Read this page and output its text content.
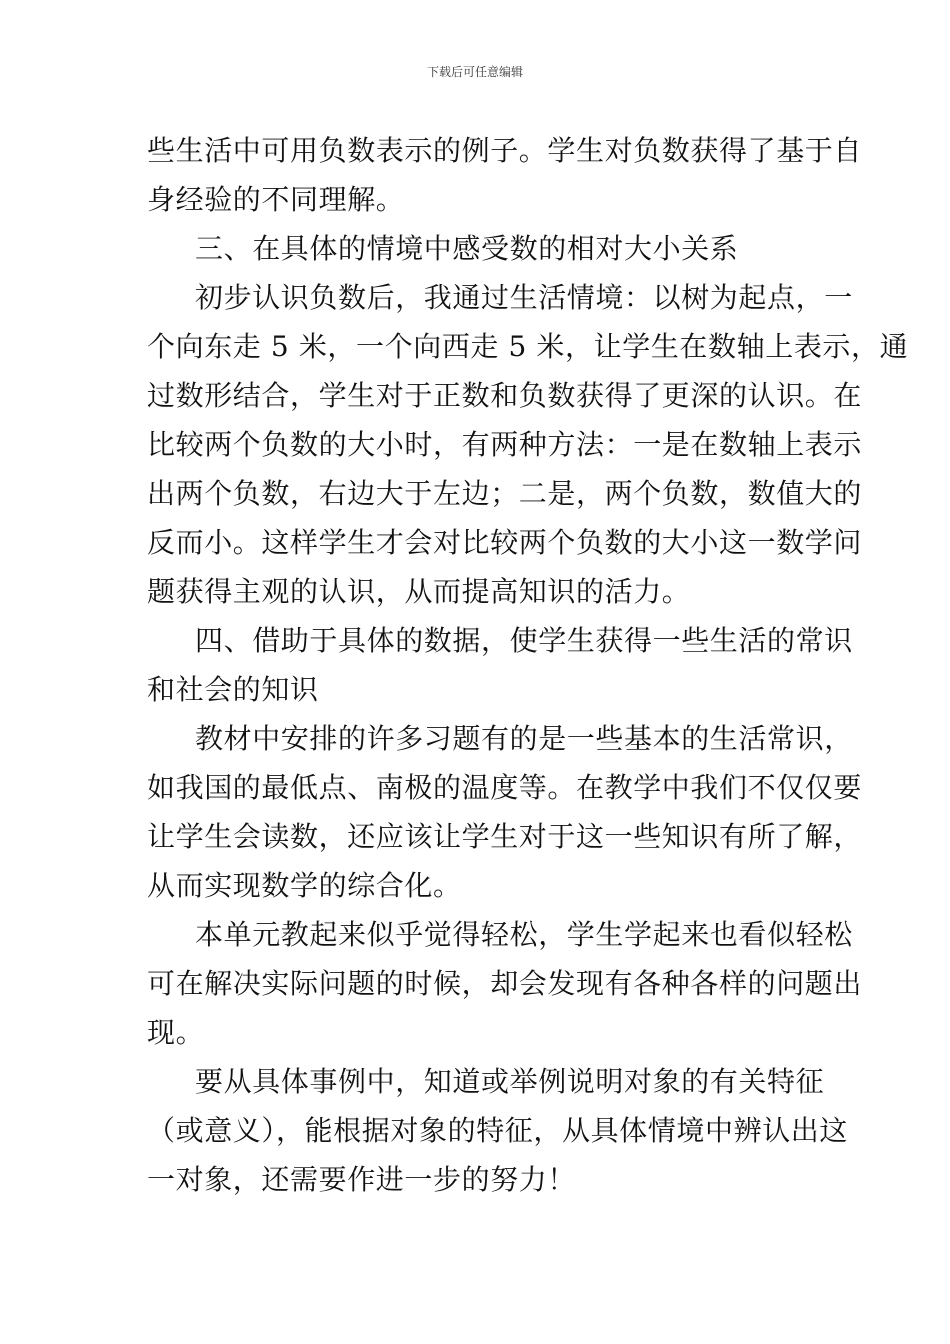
下载后可任意编辑
些生活中可用负数表示的例子。学生对负数获得了基于自
身经验的不同理解。
三、在具体的情境中感受数的相对大小关系
初步认识负数后，我通过生活情境：以树为起点，一
个向东走 5 米，一个向西走 5 米，让学生在数轴上表示，通
过数形结合，学生对于正数和负数获得了更深的认识。在
比较两个负数的大小时，有两种方法：一是在数轴上表示
出两个负数，右边大于左边；二是，两个负数，数值大的
反而小。这样学生才会对比较两个负数的大小这一数学问
题获得主观的认识，从而提高知识的活力。
四、借助于具体的数据，使学生获得一些生活的常识
和社会的知识
教材中安排的许多习题有的是一些基本的生活常识，
如我国的最低点、南极的温度等。在教学中我们不仅仅要
让学生会读数，还应该让学生对于这一些知识有所了解，
从而实现数学的综合化。
本单元教起来似乎觉得轻松，学生学起来也看似轻松
可在解决实际问题的时候，却会发现有各种各样的问题出
现。
要从具体事例中，知道或举例说明对象的有关特征
（或意义），能根据对象的特征，从具体情境中辨认出这
一对象，还需要作进一步的努力！
